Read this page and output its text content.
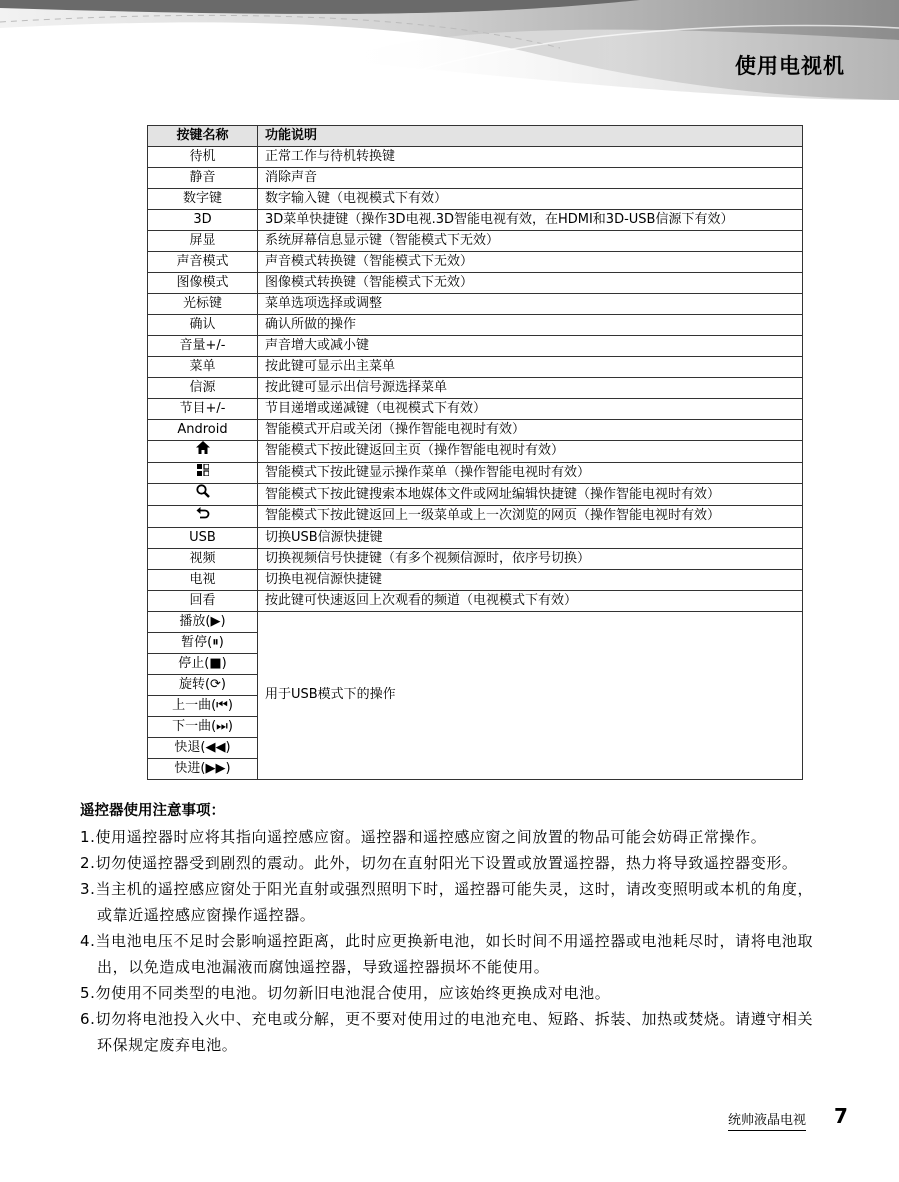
使用电视机
按键名称	功能说明
待机	正常工作与待机转换键
静音	消除声音
数字键	数字输入键（电视模式下有效）
3D	3D菜单快捷键（操作3D电视.3D智能电视有效，在HDMI和3D-USB信源下有效）
屏显	系统屏幕信息显示键（智能模式下无效）
声音模式	声音模式转换键（智能模式下无效）
图像模式	图像模式转换键（智能模式下无效）
光标键	菜单选项选择或调整
确认	确认所做的操作
音量+/-	声音增大或减小键
菜单	按此键可显示出主菜单
信源	按此键可显示出信号源选择菜单
节目+/-	节目递增或递减键（电视模式下有效）
Android	智能模式开启或关闭（操作智能电视时有效）
	智能模式下按此键返回主页（操作智能电视时有效）
	智能模式下按此键显示操作菜单（操作智能电视时有效）
	智能模式下按此键搜索本地媒体文件或网址编辑快捷键（操作智能电视时有效）
	智能模式下按此键返回上一级菜单或上一次浏览的网页（操作智能电视时有效）
USB	切换USB信源快捷键
视频	切换视频信号快捷键（有多个视频信源时，依序号切换）
电视	切换电视信源快捷键
回看	按此键可快速返回上次观看的频道（电视模式下有效）
播放(▶)	用于USB模式下的操作
暂停(⏸)	
停止(■)	
旋转(⟳)	
上一曲(⏮)	
下一曲(⏭)	
快退(◀◀)	
快进(▶▶)	
遥控器使用注意事项：
1.使用遥控器时应将其指向遥控感应窗。遥控器和遥控感应窗之间放置的物品可能会妨碍正常操作。
2.切勿使遥控器受到剧烈的震动。此外，切勿在直射阳光下设置或放置遥控器，热力将导致遥控器变形。
3.当主机的遥控感应窗处于阳光直射或强烈照明下时，遥控器可能失灵，这时，请改变照明或本机的角度，或靠近遥控感应窗操作遥控器。
4.当电池电压不足时会影响遥控距离，此时应更换新电池，如长时间不用遥控器或电池耗尽时，请将电池取出，以免造成电池漏液而腐蚀遥控器，导致遥控器损坏不能使用。
5.勿使用不同类型的电池。切勿新旧电池混合使用，应该始终更换成对电池。
6.切勿将电池投入火中、充电或分解，更不要对使用过的电池充电、短路、拆装、加热或焚烧。请遵守相关环保规定废弃电池。
统帅液晶电视 7
